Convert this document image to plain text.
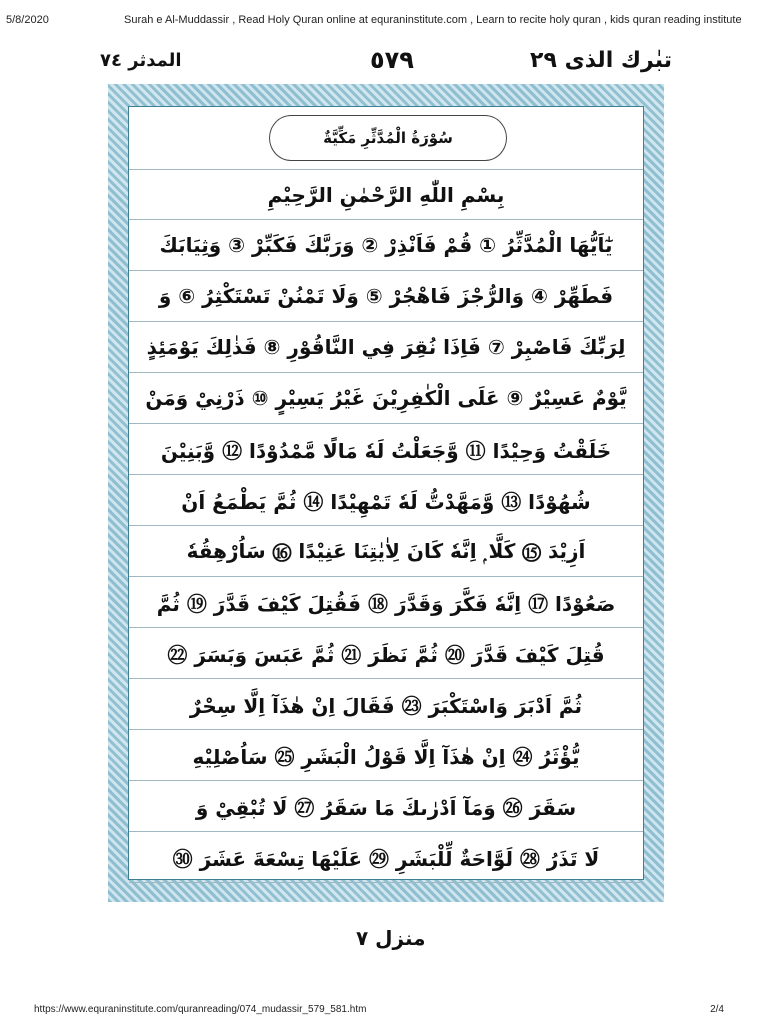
5/8/2020	Surah e Al-Muddassir , Read Holy Quran online at equraninstitute.com , Learn to recite holy quran , kids quran reading institute
تبٰرك الذى ٢٩
٥٧٩
المدثر ٧٤
سُوْرَةُ الْمُدَّثِّرِ مَكِّيَّةٌ
بِسْمِ اللّٰهِ الرَّحْمٰنِ الرَّحِيْمِ
يٰٓاَيُّهَا الْمُدَّثِّرُ ① قُمْ فَاَنْذِرْ ② وَرَبَّكَ فَكَبِّرْ ③ وَثِيَابَكَ
فَطَهِّرْ ④ وَالرُّجْزَ فَاهْجُرْ ⑤ وَلَا تَمْنُنْ تَسْتَكْثِرُ ⑥ وَ
لِرَبِّكَ فَاصْبِرْ ⑦ فَاِذَا نُقِرَ فِي النَّاقُوْرِ ⑧ فَذٰلِكَ يَوْمَئِذٍ
يَّوْمٌ عَسِيْرٌ ⑨ عَلَى الْكٰفِرِيْنَ غَيْرُ يَسِيْرٍ ⑩ ذَرْنِيْ وَمَنْ
خَلَقْتُ وَحِيْدًا ⑪ وَّجَعَلْتُ لَهٗ مَالًا مَّمْدُوْدًا ⑫ وَّبَنِيْنَ
شُهُوْدًا ⑬ وَّمَهَّدْتُّ لَهٗ تَمْهِيْدًا ⑭ ثُمَّ يَطْمَعُ اَنْ
اَزِيْدَ ⑮ كَلَّا ۭ اِنَّهٗ كَانَ لِاٰيٰتِنَا عَنِيْدًا ⑯ سَاُرْهِقُهٗ
صَعُوْدًا ⑰ اِنَّهٗ فَكَّرَ وَقَدَّرَ ⑱ فَقُتِلَ كَيْفَ قَدَّرَ ⑲ ثُمَّ
قُتِلَ كَيْفَ قَدَّرَ ⑳ ثُمَّ نَظَرَ ㉑ ثُمَّ عَبَسَ وَبَسَرَ ㉒
ثُمَّ اَدْبَرَ وَاسْتَكْبَرَ ㉓ فَقَالَ اِنْ هٰذَآ اِلَّا سِحْرٌ
يُّؤْثَرُ ㉔ اِنْ هٰذَآ اِلَّا قَوْلُ الْبَشَرِ ㉕ سَاُصْلِيْهِ
سَقَرَ ㉖ وَمَآ اَدْرٰىكَ مَا سَقَرُ ㉗ لَا تُبْقِيْ وَ
لَا تَذَرُ ㉘ لَوَّاحَةٌ لِّلْبَشَرِ ㉙ عَلَيْهَا تِسْعَةَ عَشَرَ ㉚
منزل ٧
https://www.equraninstitute.com/quranreading/074_mudassir_579_581.htm	2/4
